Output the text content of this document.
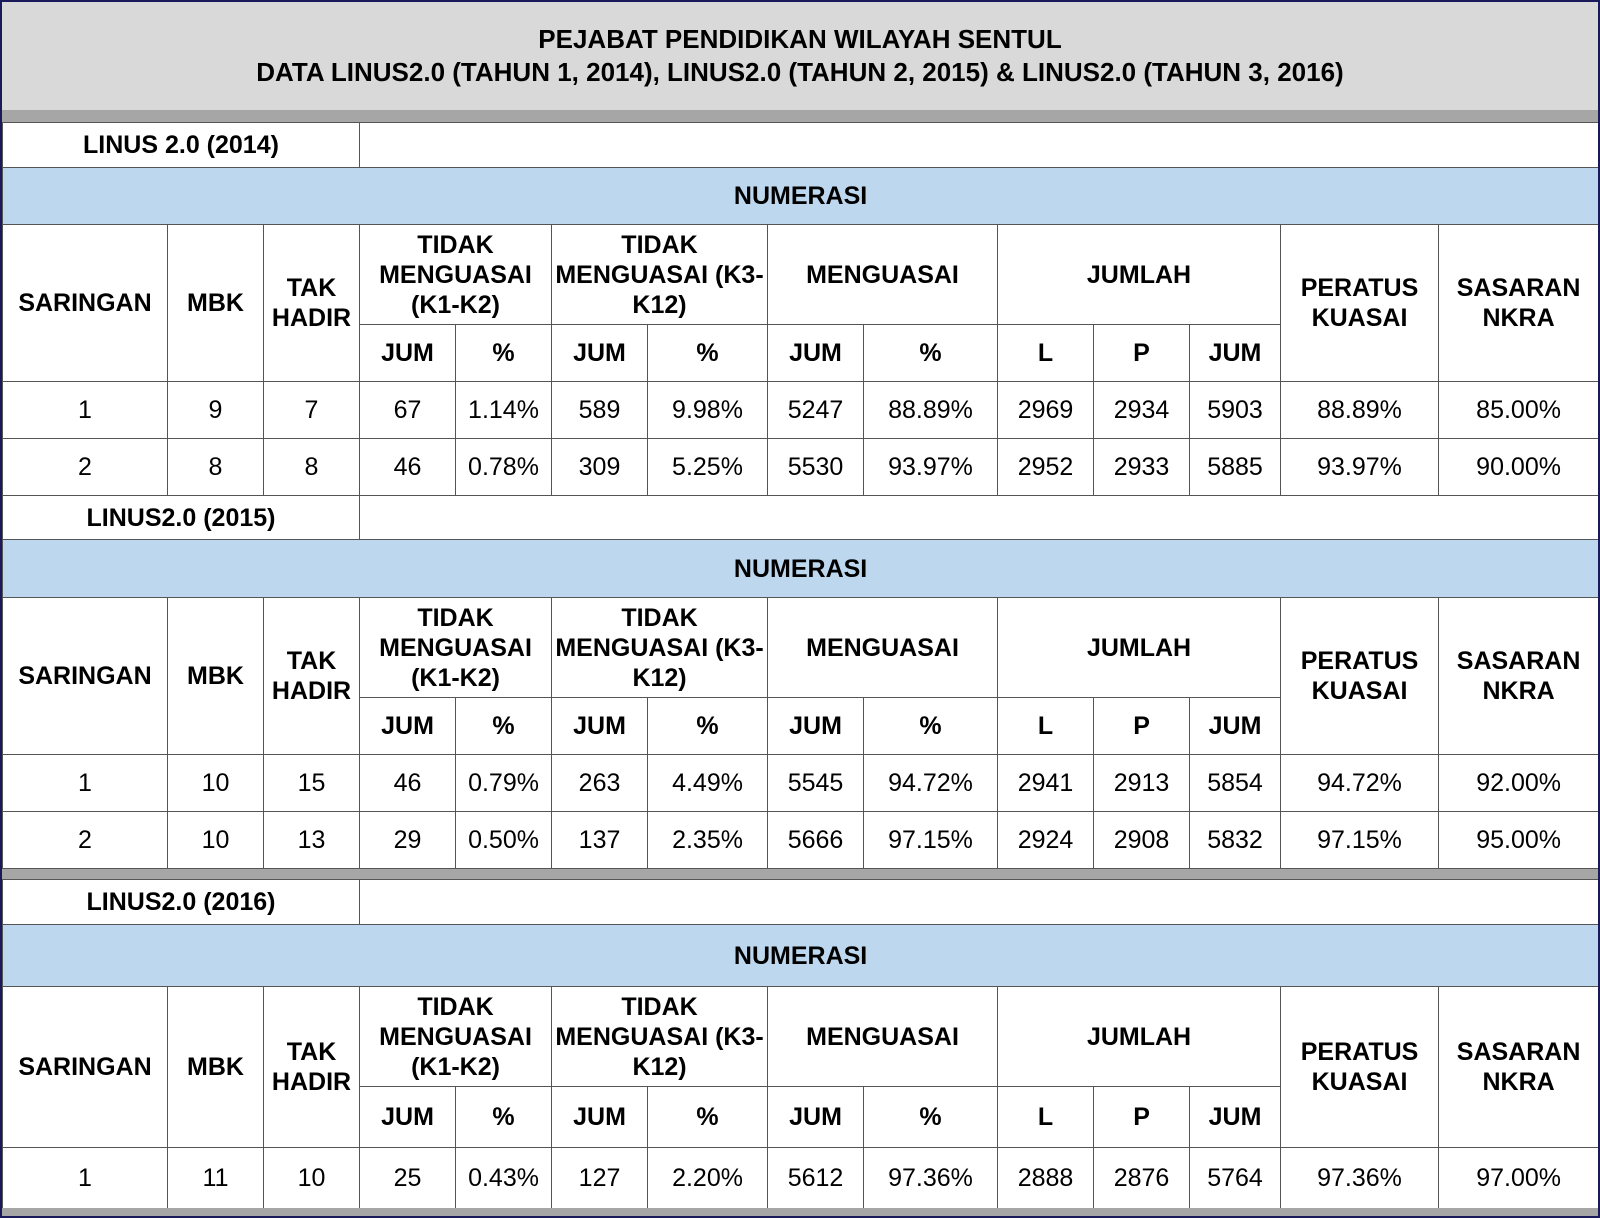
PEJABAT PENDIDIKAN WILAYAH SENTUL
DATA LINUS2.0 (TAHUN 1, 2014), LINUS2.0 (TAHUN 2, 2015) & LINUS2.0 (TAHUN 3, 2016)
LINUS 2.0 (2014)													
NUMERASI													
SARINGAN	MBK	TAK HADIR	TIDAK MENGUASAI (K1-K2)		TIDAK MENGUASAI (K3-K12)		MENGUASAI		JUMLAH			PERATUS KUASAI	SASARAN NKRA
			JUM	%	JUM	%	JUM	%	L	P	JUM		
1	9	7	67	1.14%	589	9.98%	5247	88.89%	2969	2934	5903	88.89%	85.00%
2	8	8	46	0.78%	309	5.25%	5530	93.97%	2952	2933	5885	93.97%	90.00%
LINUS2.0 (2015)													
NUMERASI													
SARINGAN	MBK	TAK HADIR	TIDAK MENGUASAI (K1-K2)		TIDAK MENGUASAI (K3-K12)		MENGUASAI		JUMLAH			PERATUS KUASAI	SASARAN NKRA
			JUM	%	JUM	%	JUM	%	L	P	JUM		
1	10	15	46	0.79%	263	4.49%	5545	94.72%	2941	2913	5854	94.72%	92.00%
2	10	13	29	0.50%	137	2.35%	5666	97.15%	2924	2908	5832	97.15%	95.00%
LINUS2.0 (2016)													
NUMERASI													
SARINGAN	MBK	TAK HADIR	TIDAK MENGUASAI (K1-K2)		TIDAK MENGUASAI (K3-K12)		MENGUASAI		JUMLAH			PERATUS KUASAI	SASARAN NKRA
			JUM	%	JUM	%	JUM	%	L	P	JUM		
1	11	10	25	0.43%	127	2.20%	5612	97.36%	2888	2876	5764	97.36%	97.00%
